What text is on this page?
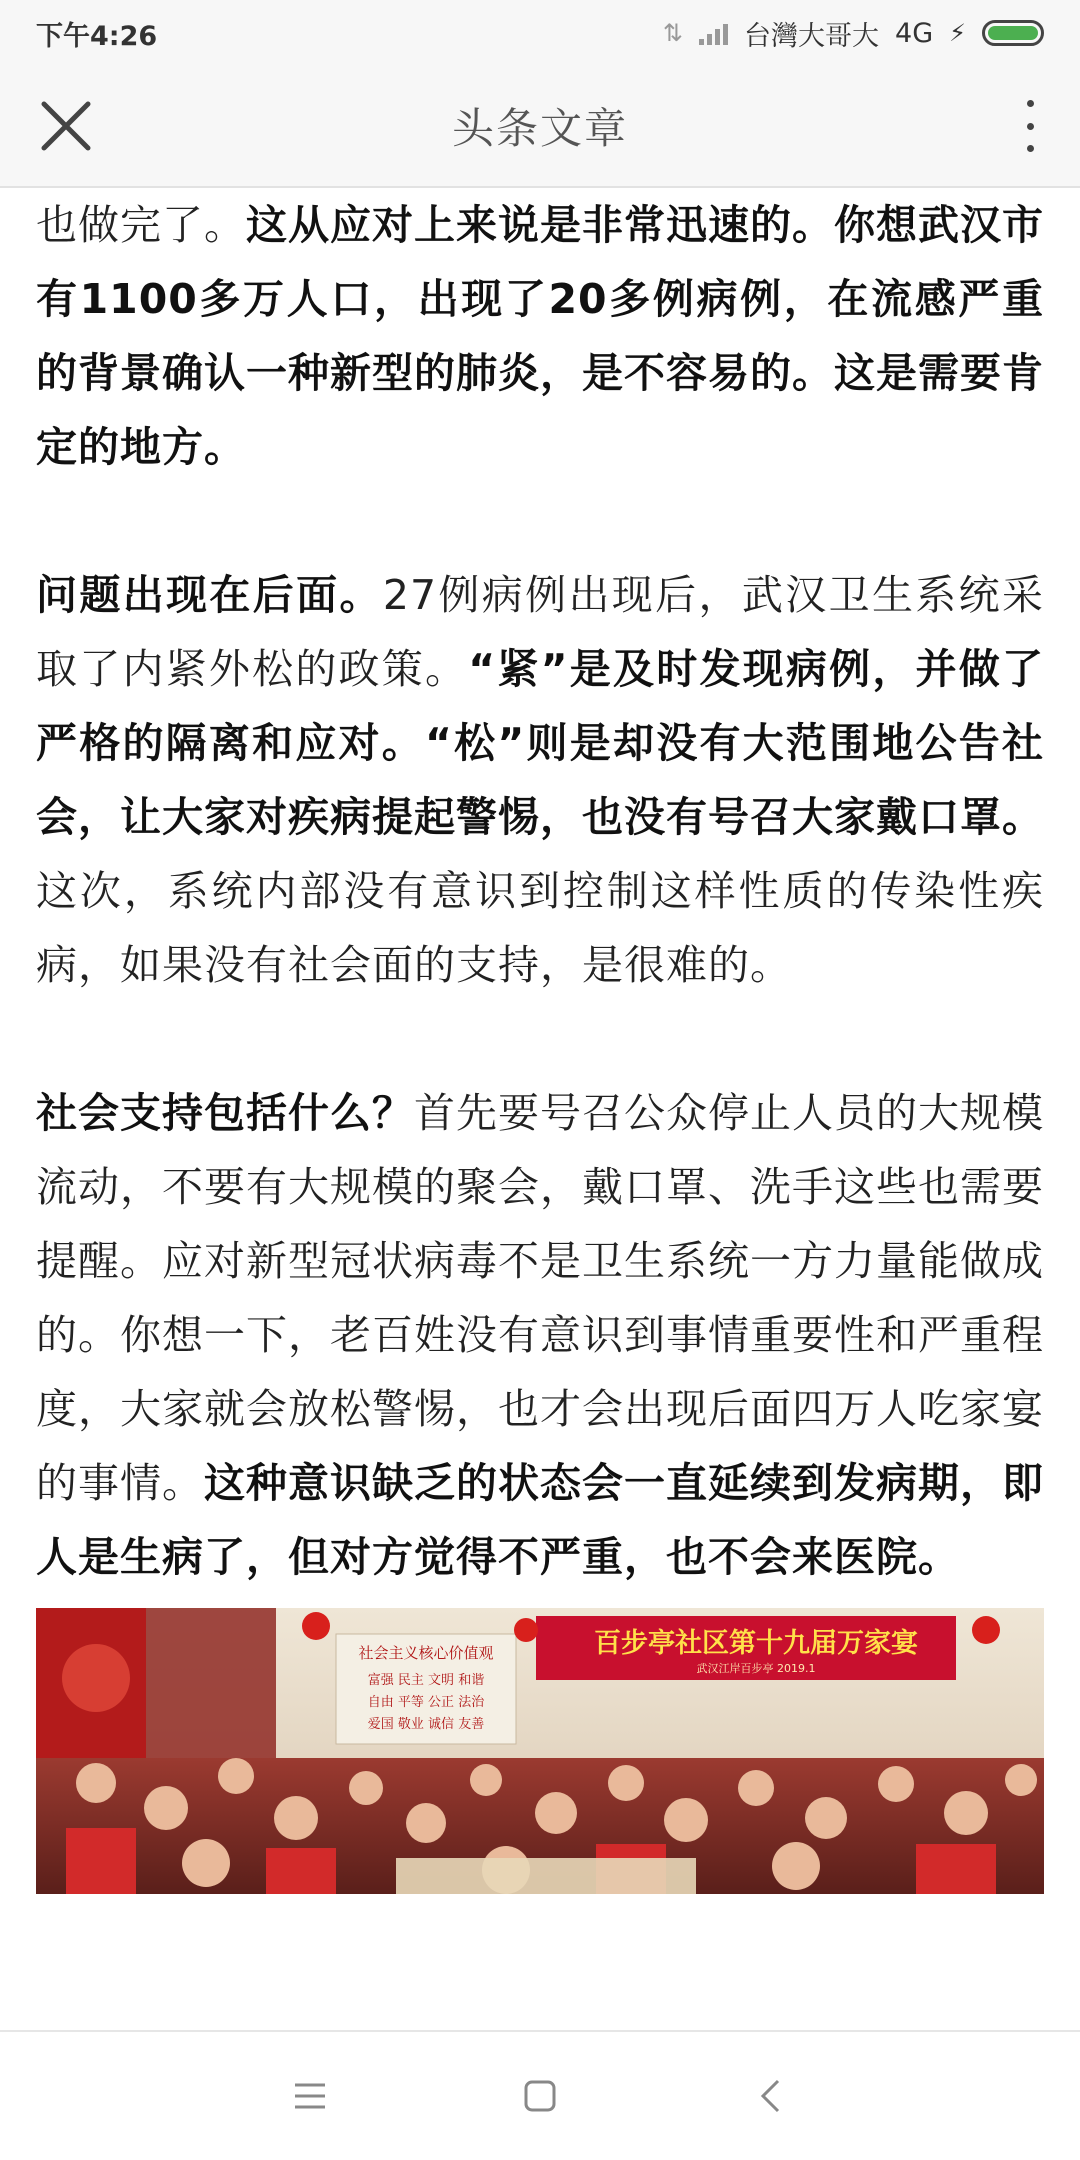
下午4:26	⇅ 台灣大哥大 4G ⚡
头条文章

也做完了。这从应对上来说是非常迅速的。你想武汉市有1100多万人口，出现了20多例病例，在流感严重的背景确认一种新型的肺炎，是不容易的。这是需要肯定的地方。

问题出现在后面。27例病例出现后，武汉卫生系统采取了内紧外松的政策。“紧”是及时发现病例，并做了严格的隔离和应对。“松”则是却没有大范围地公告社会，让大家对疾病提起警惕，也没有号召大家戴口罩。这次，系统内部没有意识到控制这样性质的传染性疾病，如果没有社会面的支持，是很难的。

社会支持包括什么？首先要号召公众停止人员的大规模流动，不要有大规模的聚会，戴口罩、洗手这些也需要提醒。应对新型冠状病毒不是卫生系统一方力量能做成的。你想一下，老百姓没有意识到事情重要性和严重程度，大家就会放松警惕，也才会出现后面四万人吃家宴的事情。这种意识缺乏的状态会一直延续到发病期，即人是生病了，但对方觉得不严重，也不会来医院。

社会主义核心价值观
富强 民主 文明 和谐
自由 平等 公正 法治
爱国 敬业 诚信 友善
百步亭社区第十九届万家宴
武汉江岸百步亭 2019.1
